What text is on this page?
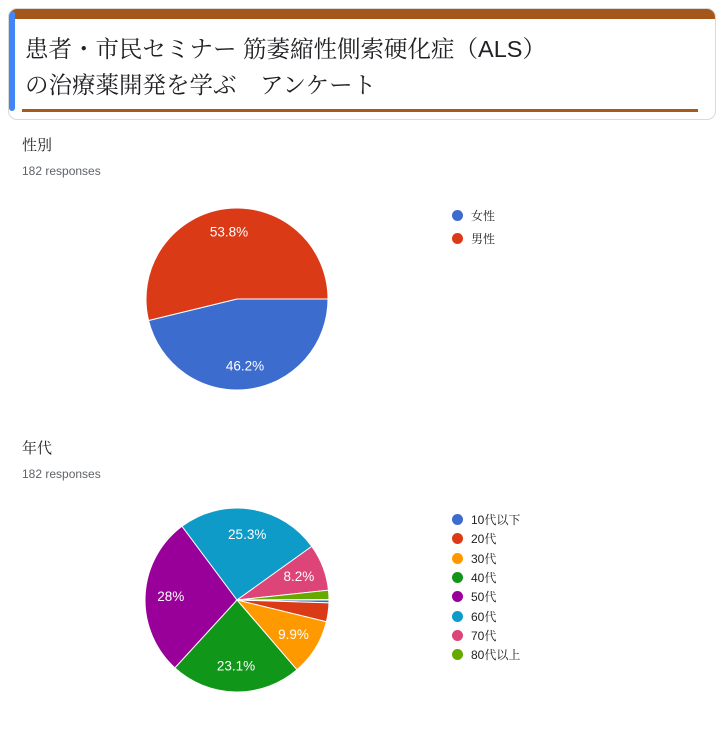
患者・市民セミナー 筋萎縮性側索硬化症（ALS）
の治療薬開発を学ぶ　アンケート
性別
182 responses
46.2%
53.8%
女性
男性
年代
182 responses
9.9%
23.1%
28%
25.3%
8.2%
10代以下
20代
30代
40代
50代
60代
70代
80代以上
